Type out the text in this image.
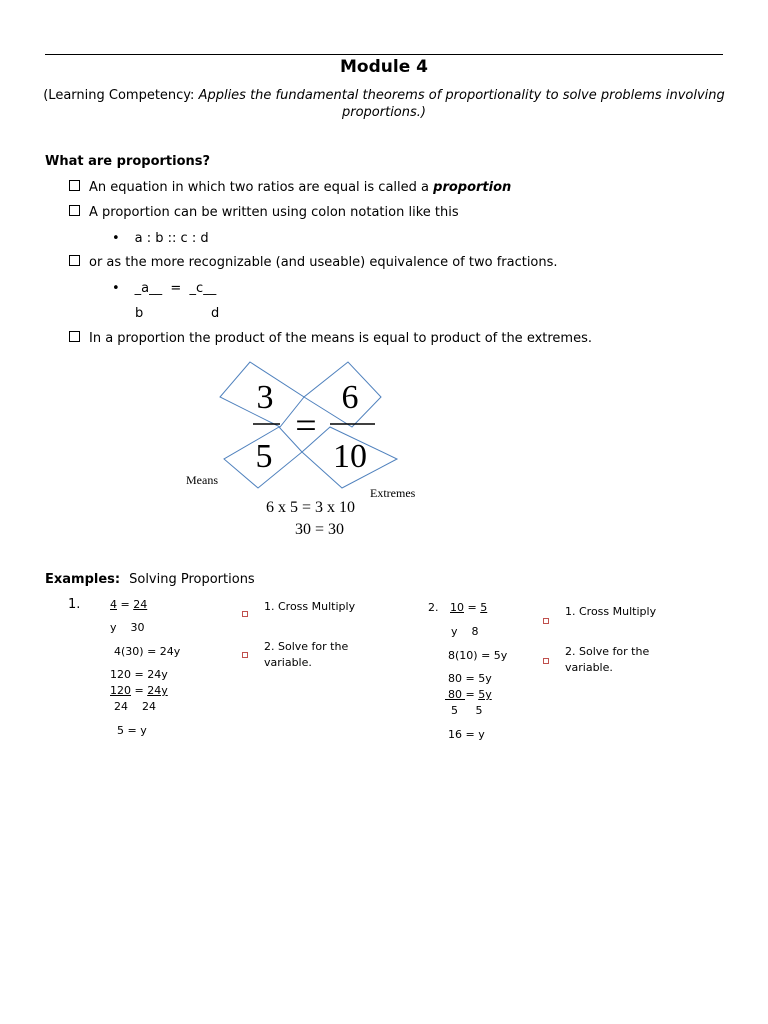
Module 4
(Learning Competency: Applies the fundamental theorems of proportionality to solve problems involving proportions.)
What are proportions?
An equation in which two ratios are equal is called a proportion
A proportion can be written using colon notation like this
• a : b :: c : d
or as the more recognizable (and useable) equivalence of two fractions.
• _a__  =  _c__
b	d
In a proportion the product of the means is equal to product of the extremes.
3
5
=
6
10
Means
Extremes
6 x 5 = 3 x 10
30 = 30
Examples: Solving Proportions
1.	4 = 24
y    30
4(30) = 24y
120 = 24y
120 = 24y
24    24
5 = y
1. Cross Multiply
2. Solve for the variable.
2. 10 = 5
y    8
8(10) = 5y
80 = 5y
80 = 5y
5     5
16 = y
1. Cross Multiply
2. Solve for the variable.
